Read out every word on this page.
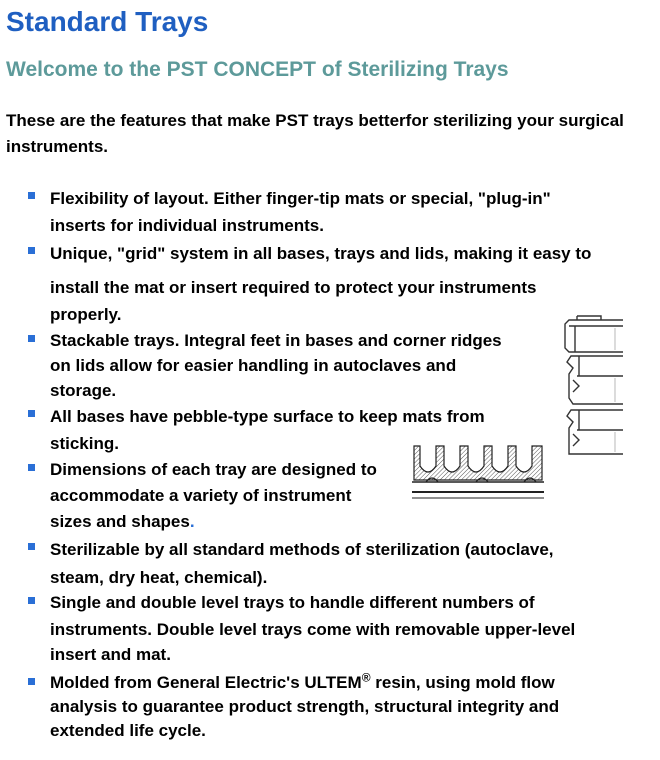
Standard Trays
Welcome to the PST CONCEPT of Sterilizing Trays

These are the features that make PST trays betterfor sterilizing your surgical instruments.

Flexibility of layout. Either finger-tip mats or special, "plug-in"
inserts for individual instruments.
Unique, "grid" system in all bases, trays and lids, making it easy to
install the mat or insert required to protect your instruments
properly.
Stackable trays. Integral feet in bases and corner ridges
on lids allow for easier handling in autoclaves and
storage.
All bases have pebble-type surface to keep mats from
sticking.
Dimensions of each tray are designed to
accommodate a variety of instrument
sizes and shapes.
Sterilizable by all standard methods of sterilization (autoclave,
steam, dry heat, chemical).
Single and double level trays to handle different numbers of
instruments. Double level trays come with removable upper-level
insert and mat.
Molded from General Electric's ULTEM® resin, using mold flow
analysis to guarantee product strength, structural integrity and
extended life cycle.
